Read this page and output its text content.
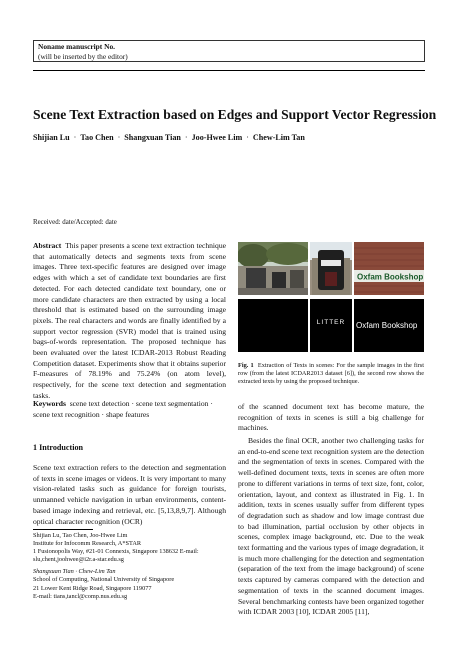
Noname manuscript No.
(will be inserted by the editor)
Scene Text Extraction based on Edges and Support Vector Regression
Shijian Lu · Tao Chen · Shangxuan Tian · Joo-Hwee Lim · Chew-Lim Tan
Received: date/Accepted: date
Abstract This paper presents a scene text extraction technique that automatically detects and segments texts from scene images. Three text-specific features are designed over image edges with which a set of candidate text boundaries are first detected. For each detected candidate text boundary, one or more candidate characters are then extracted by using a local threshold that is estimated based on the surrounding image pixels. The real characters and words are finally identified by a support vector regression (SVR) model that is trained using bags-of-words representation. The proposed technique has been evaluated over the latest ICDAR-2013 Robust Reading Competition dataset. Experiments show that it obtains superior F-measures of 78.19% and 75.24% (on atom level), respectively, for the scene text detection and segmentation tasks.
Keywords scene text detection · scene text segmentation · scene text recognition · shape features
1 Introduction
Scene text extraction refers to the detection and segmentation of texts in scene images or videos. It is very important to many vision-related tasks such as guidance for foreign tourists, unmanned vehicle navigation in urban environments, content-based image indexing and retrieval, etc. [5,13,8,9,7]. Although optical character recognition (OCR)
Shijian Lu, Tao Chen, Joo-Hwee Lim
Institute for Infocomm Research, A*STAR
1 Fusionopolis Way, #21-01 Connexis, Singapore 138632 E-mail: slu,chent,joohwee@i2r.a-star.edu.sg
Shangxuan Tian · Chew-Lim Tan
School of Computing, National University of Singapore
21 Lower Kent Ridge Road, Singapore 119077
E-mail: tians,tancl@comp.nus.edu.sg
Oxfam Bookshop
LITTER	Oxfam Bookshop
Fig. 1 Extraction of Texts in scenes: For the sample images in the first row (from the latest ICDAR2013 dataset [6]), the second row shows the extracted texts by using the proposed technique.
of the scanned document text has become mature, the recognition of texts in scenes is still a big challenge for machines.
Besides the final OCR, another two challenging tasks for an end-to-end scene text recognition system are the detection and the segmentation of texts in scenes. Compared with the well-defined document texts, texts in scenes are often more prone to different variations in terms of text size, font, color, orientation, layout, and context as illustrated in Fig. 1. In addition, texts in scenes usually suffer from different types of degradation such as shadow and low image contrast due to bad illumination, partial occlusion by other objects in scenes, complex image background, etc. Due to the weak text formatting and the various types of image degradation, it is much more challenging for the detection and segmentation (separation of the text from the image background) of scene texts captured by cameras compared with the detection and segmentation of texts in the scanned document images. Several benchmarking contests have been organized together with ICDAR 2003 [10], ICDAR 2005 [11],
